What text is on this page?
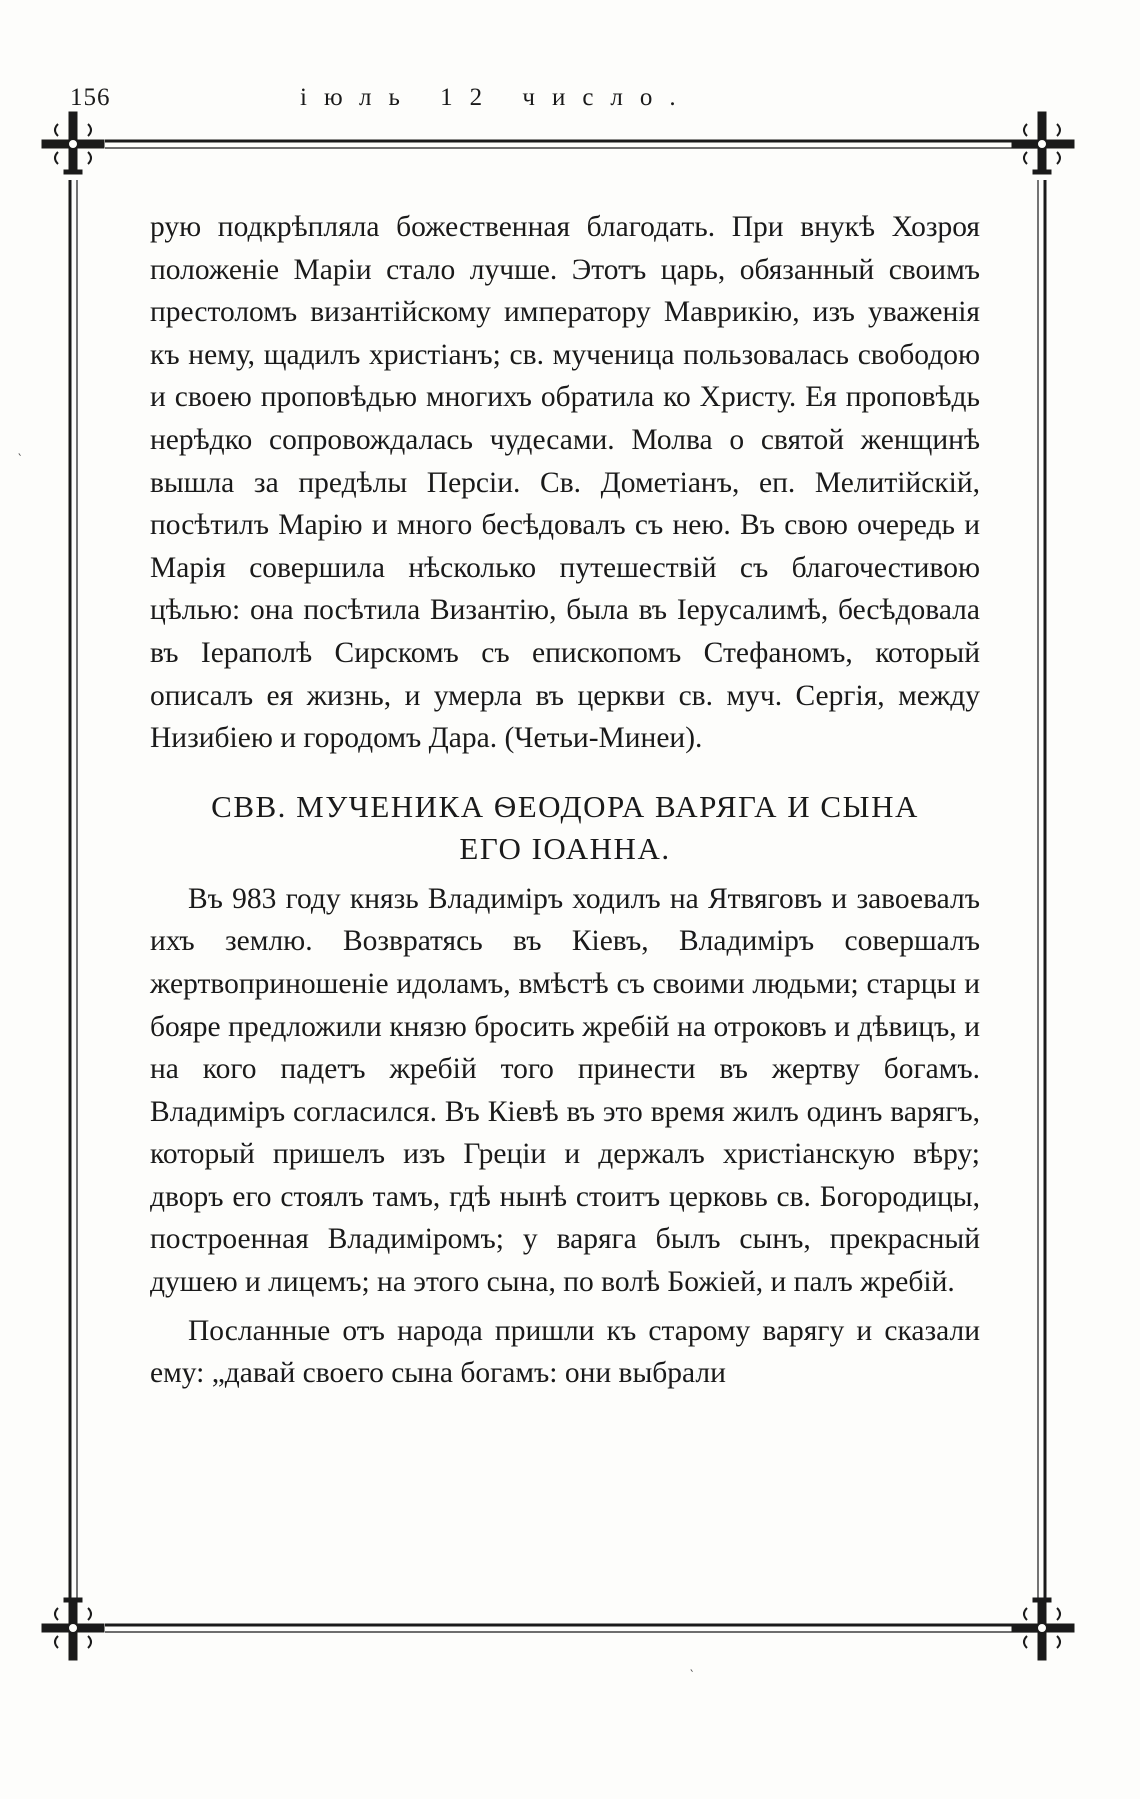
156	іюль 12 число.

рую подкрѣпляла божественная благодать. При внукѣ Хозроя положеніе Маріи стало лучше. Этотъ царь, обязанный своимъ престоломъ византійскому императору Маврикію, изъ уваженія къ нему, щадилъ христіанъ; св. мученица пользовалась свободою и своею проповѣдью многихъ обратила ко Христу. Ея проповѣдь нерѣдко сопровождалась чудесами. Молва о святой женщинѣ вышла за предѣлы Персіи. Св. Дометіанъ, еп. Мелитійскій, посѣтилъ Марію и много бесѣдовалъ съ нею. Въ свою очередь и Марія совершила нѣсколько путешествій съ благочестивою цѣлью: она посѣтила Византію, была въ Іерусалимѣ, бесѣдовала въ Іераполѣ Сирскомъ съ епископомъ Стефаномъ, который описалъ ея жизнь, и умерла въ церкви св. муч. Сергія, между Низибіею и городомъ Дара. (Четьи-Минеи).

СВВ. МУЧЕНИКА ѲЕОДОРА ВАРЯГА И СЫНА
ЕГО ІОАННА.

Въ 983 году князь Владиміръ ходилъ на Ятвяговъ и завоевалъ ихъ землю. Возвратясь въ Кіевъ, Владиміръ совершалъ жертвоприношеніе идоламъ, вмѣстѣ съ своими людьми; старцы и бояре предложили князю бросить жребій на отроковъ и дѣвицъ, и на кого падетъ жребій того принести въ жертву богамъ. Владиміръ согласился. Въ Кіевѣ въ это время жилъ одинъ варягъ, который пришелъ изъ Греціи и держалъ христіанскую вѣру; дворъ его стоялъ тамъ, гдѣ нынѣ стоитъ церковь св. Богородицы, построенная Владиміромъ; у варяга былъ сынъ, прекрасный душею и лицемъ; на этого сына, по волѣ Божіей, и палъ жребій.

Посланные отъ народа пришли къ старому варягу и сказали ему: „давай своего сына богамъ: они выбрали

‵
‵
